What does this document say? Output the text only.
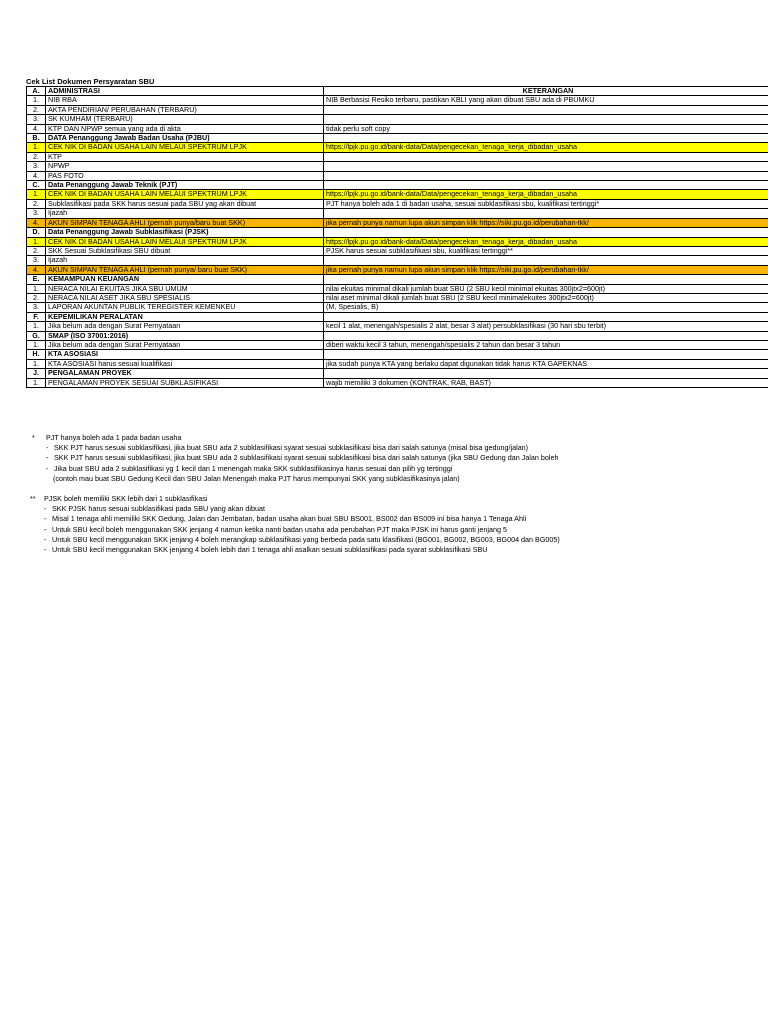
Cek List Dokumen Persyaratan SBU
A.	ADMINISTRASI	KETERANGAN
1.	NIB RBA	NIB Berbasisi Resiko terbaru, pastikan KBLI yang akan dibuat SBU ada di PBUMKU
2.	AKTA PENDIRIAN/ PERUBAHAN (TERBARU)	
3.	SK KUMHAM (TERBARU)	
4.	KTP DAN NPWP semua yang ada di akta	tidak perlu soft copy
B.	DATA Penanggung Jawab Badan Usaha (PJBU)	
1.	CEK NIK DI BADAN USAHA LAIN MELAUI SPEKTRUM LPJK	https://lpjk.pu.go.id/bank-data/Data/pengecekan_tenaga_kerja_dibadan_usaha
2.	KTP	
3.	NPWP	
4.	PAS FOTO	
C.	Data Penanggung Jawab Teknik (PJT)	
1.	CEK NIK DI BADAN USAHA LAIN MELAUI SPEKTRUM LPJK	https://lpjk.pu.go.id/bank-data/Data/pengecekan_tenaga_kerja_dibadan_usaha
2.	Subklasifikasi pada SKK harus sesuai pada SBU yag akan dibuat	PJT hanya boleh ada 1 di badan usaha, sesuai subklasifikasi sbu, kualifikasi tertinggi*
3.	Ijazah	
4.	AKUN SIMPAN TENAGA AHLI (pernah punya/baru buat SKK)	jika pernah punya namun lupa akun simpan klik https://siki.pu.go.id/perubahan-tkk/
D.	Data Penanggung Jawab Subklasifikasi (PJSK)	
1.	CEK NIK DI BADAN USAHA LAIN MELAUI SPEKTRUM LPJK	https://lpjk.pu.go.id/bank-data/Data/pengecekan_tenaga_kerja_dibadan_usaha
2.	SKK Sesuai Subklasifikasi SBU dibuat	PJSK harus sesuai subklasifikasi sbu, kualifikasi tertinggi**
3.	Ijazah	
4.	AKUN SIMPAN TENAGA AHLI (pernah punya/ baru buat SKK)	jika pernah punya namun lupa akun simpan klik https://siki.pu.go.id/perubahan-tkk/
E.	KEMAMPUAN KEUANGAN	
1.	NERACA NILAI EKUITAS JIKA SBU UMUM	nilai ekuitas minimal dikali jumlah buat SBU (2 SBU kecil minimal ekuitas 300jtx2=600jt)
2.	NERACA NILAI ASET JIKA SBU SPESIALIS	nilai aset minimal dikali jumlah buat SBU (2 SBU kecil minimalekuites 300jtx2=600jt)
3.	LAPORAN AKUNTAN PUBLIK TEREGISTER KEMENKEU	(M, Spesialis, B)
F.	KEPEMILIKAN PERALATAN	
1.	Jika belum ada dengan Surat Pernyataan	kecil 1 alat, menengah/spesialis 2 alat, besar 3 alat) persubklasifikasi (30 hari sbu terbit)
G.	SMAP (ISO 37001:2016)	
1.	Jika belum ada dengan Surat Pernyataan	diberi waktu kecil 3 tahun, menengah/spesialis 2 tahun dan besar 3 tahun
H.	KTA ASOSIASI	
1.	KTA ASOSIASI harus sesuai kualifikasi	jika sudah punya KTA yang berlaku dapat digunakan tidak harus KTA GAPEKNAS
J.	PENGALAMAN PROYEK	
1.	PENGALAMAN PROYEK SESUAI SUBKLASIFIKASI	wajib memiliki 3 dokumen (KONTRAK, RAB, BAST)
* PJT hanya boleh ada 1 pada badan usaha
- SKK PJT harus sesuai subklasifikasi, jika buat SBU ada 2 subklasifikasi syarat sesuai subklasifikasi bisa dari salah satunya (misal bisa gedung/jalan)
- SKK PJT harus sesuai subklasifikasi, jika buat SBU ada 2 subklasifikasi syarat sesuai subklasifikasi bisa dari salah satunya (jika SBU Gedung dan Jalan boleh
- Jika buat SBU ada 2 subklasifikasi yg 1 kecil dan 1 menengah maka SKK subklasifikasinya harus sesuai dan pilih yg tertinggi
(contoh mau buat SBU Gedung Kecil dan SBU Jalan Menengah maka PJT harus mempunyai SKK yang subklasifikasinya jalan)
** PJSK boleh memiliki SKK lebih dari 1 subklasifikasi
- SKK PJSK harus sesuai subklasifikasi pada SBU yang akan dibuat
- Misal 1 tenaga ahli memiliki SKK Gedung, Jalan dan Jembatan, badan usaha akan buat SBU BS001, BS002 dan BS009 ini bisa hanya 1 Tenaga Ahli
- Untuk SBU kecil boleh menggunakan SKK jenjang 4 namun ketika nanti badan usaha ada perubahan PJT maka PJSK ini harus ganti jenjang 5
- Untuk SBU kecil menggunakan SKK jenjang 4 boleh merangkap subklasifikasi yang berbeda pada satu klasifikasi (BG001, BG002, BG003, BG004 dan BG005)
- Untuk SBU kecil menggunakan SKK jenjang 4 boleh lebih dari 1 tenaga ahli asalkan sesuai subklasifikasi pada syarat subklasifikasi SBU
